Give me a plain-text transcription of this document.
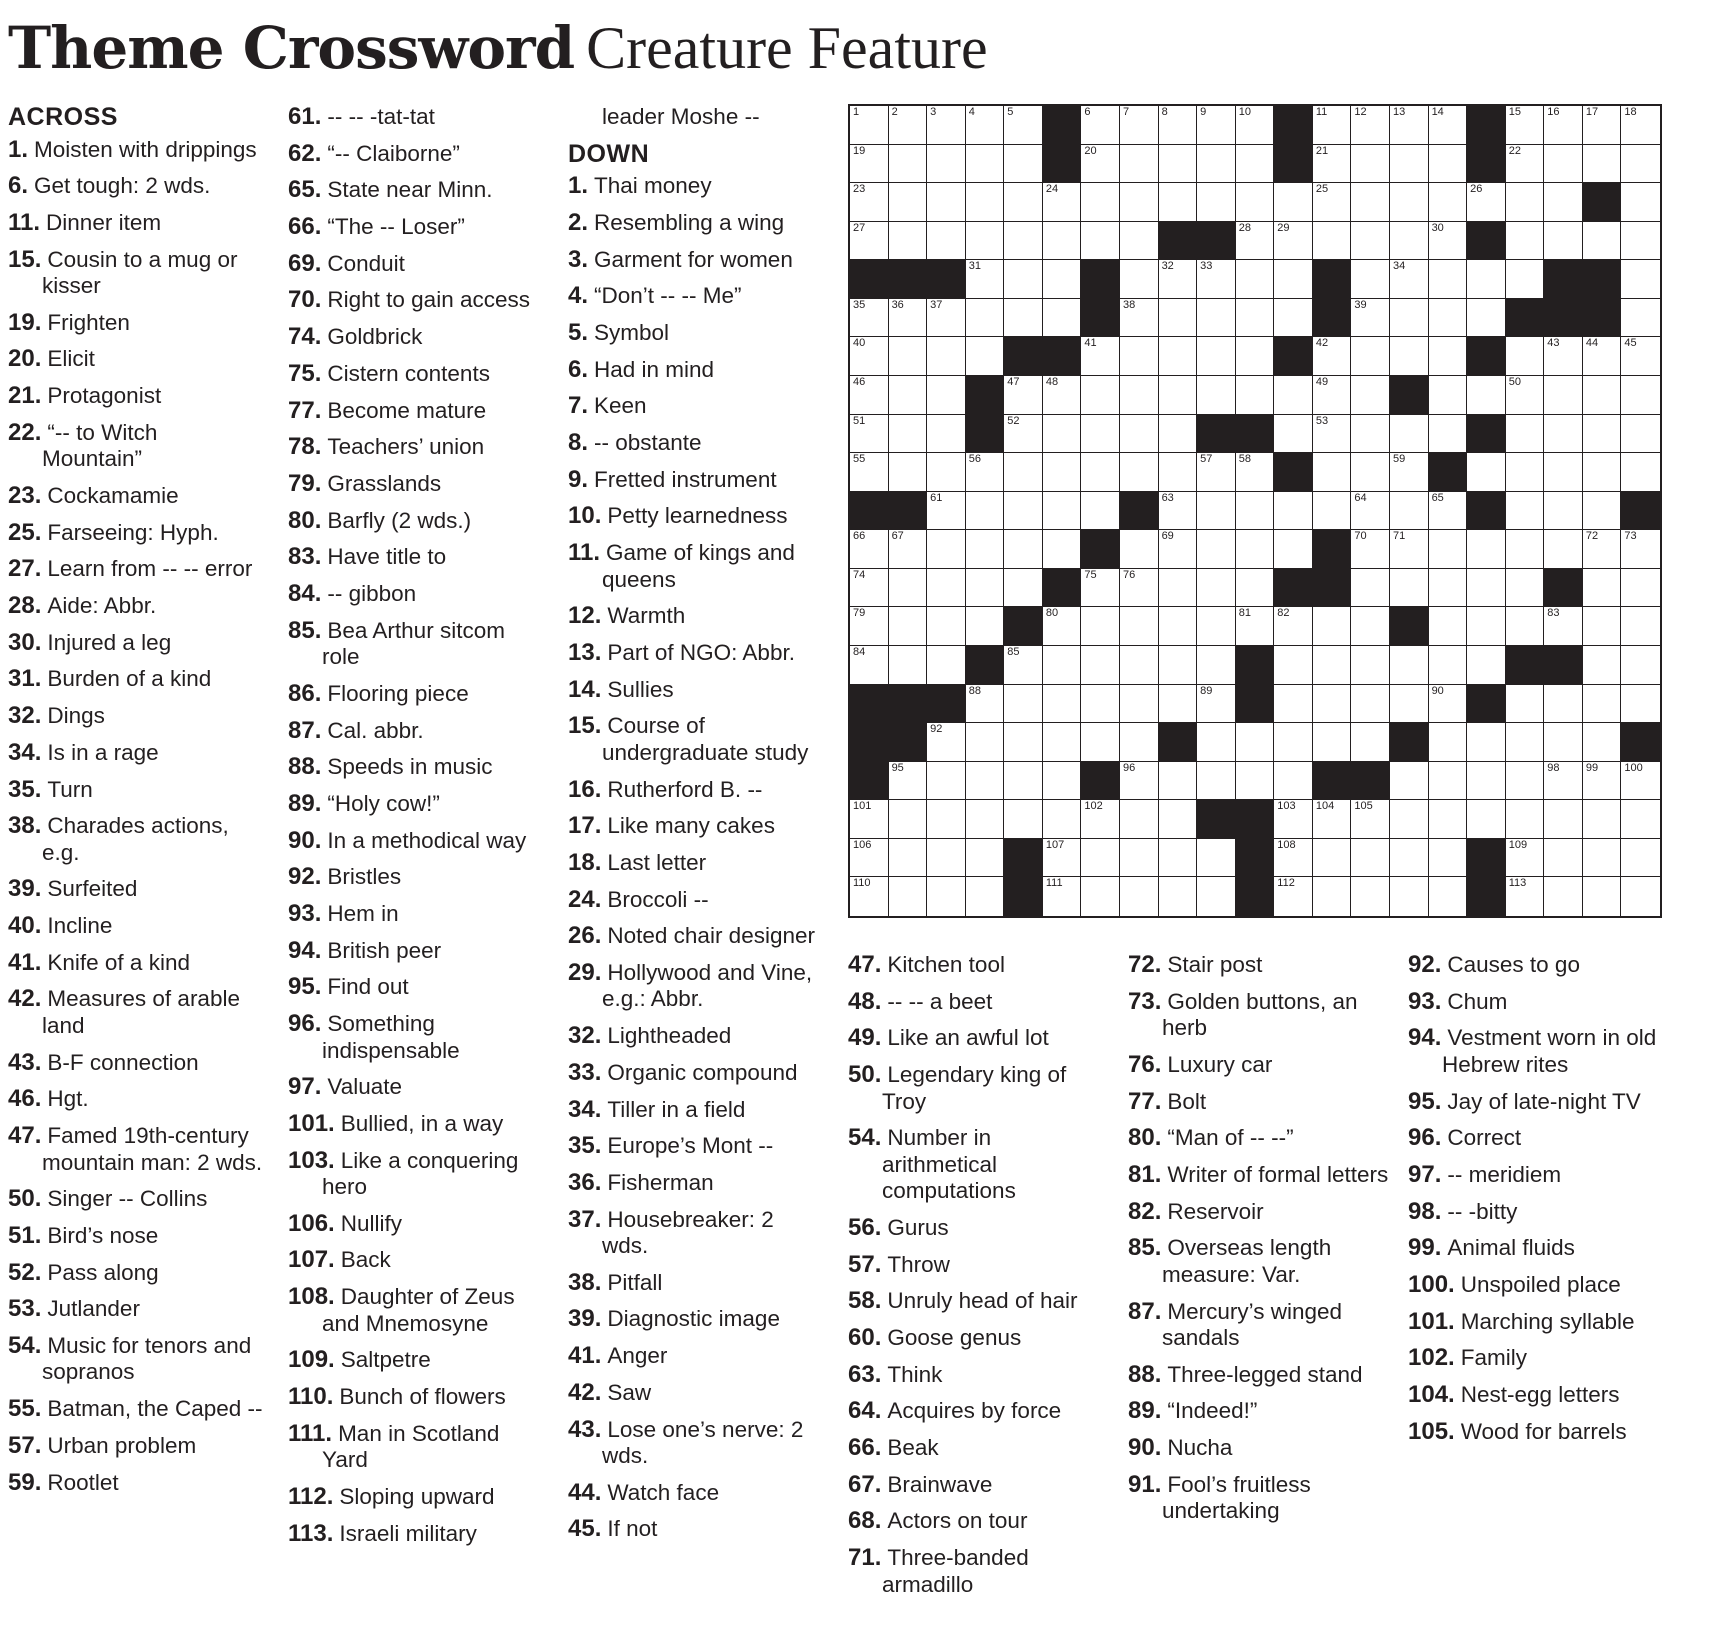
Theme Crossword Creature Feature
ACROSS
1. Moisten with drippings
6. Get tough: 2 wds.
11. Dinner item
15. Cousin to a mug or kisser
19. Frighten
20. Elicit
21. Protagonist
22. “-- to Witch Mountain”
23. Cockamamie
25. Farseeing: Hyph.
27. Learn from -- -- error
28. Aide: Abbr.
30. Injured a leg
31. Burden of a kind
32. Dings
34. Is in a rage
35. Turn
38. Charades actions, e.g.
39. Surfeited
40. Incline
41. Knife of a kind
42. Measures of arable land
43. B-F connection
46. Hgt.
47. Famed 19th-century mountain man: 2 wds.
50. Singer -- Collins
51. Bird’s nose
52. Pass along
53. Jutlander
54. Music for tenors and sopranos
55. Batman, the Caped --
57. Urban problem
59. Rootlet
61. -- -- -tat-tat
62. “-- Claiborne”
65. State near Minn.
66. “The -- Loser”
69. Conduit
70. Right to gain access
74. Goldbrick
75. Cistern contents
77. Become mature
78. Teachers’ union
79. Grasslands
80. Barfly (2 wds.)
83. Have title to
84. -- gibbon
85. Bea Arthur sitcom role
86. Flooring piece
87. Cal. abbr.
88. Speeds in music
89. “Holy cow!”
90. In a methodical way
92. Bristles
93. Hem in
94. British peer
95. Find out
96. Something indispensable
97. Valuate
101. Bullied, in a way
103. Like a conquering hero
106. Nullify
107. Back
108. Daughter of Zeus and Mnemosyne
109. Saltpetre
110. Bunch of flowers
111. Man in Scotland Yard
112. Sloping upward
113. Israeli military
leader Moshe --
DOWN
1. Thai money
2. Resembling a wing
3. Garment for women
4. “Don’t -- -- Me”
5. Symbol
6. Had in mind
7. Keen
8. -- obstante
9. Fretted instrument
10. Petty learnedness
11. Game of kings and queens
12. Warmth
13. Part of NGO: Abbr.
14. Sullies
15. Course of undergraduate study
16. Rutherford B. --
17. Like many cakes
18. Last letter
24. Broccoli --
26. Noted chair designer
29. Hollywood and Vine, e.g.: Abbr.
32. Lightheaded
33. Organic compound
34. Tiller in a field
35. Europe’s Mont --
36. Fisherman
37. Housebreaker: 2 wds.
38. Pitfall
39. Diagnostic image
41. Anger
42. Saw
43. Lose one’s nerve: 2 wds.
44. Watch face
45. If not
47. Kitchen tool
48. -- -- a beet
49. Like an awful lot
50. Legendary king of Troy
54. Number in arithmetical computations
56. Gurus
57. Throw
58. Unruly head of hair
60. Goose genus
63. Think
64. Acquires by force
66. Beak
67. Brainwave
68. Actors on tour
71. Three-banded armadillo
72. Stair post
73. Golden buttons, an herb
76. Luxury car
77. Bolt
80. “Man of -- --”
81. Writer of formal letters
82. Reservoir
85. Overseas length measure: Var.
87. Mercury’s winged sandals
88. Three-legged stand
89. “Indeed!”
90. Nucha
91. Fool’s fruitless undertaking
92. Causes to go
93. Chum
94. Vestment worn in old Hebrew rites
95. Jay of late-night TV
96. Correct
97. -- meridiem
98. -- -bitty
99. Animal fluids
100. Unspoiled place
101. Marching syllable
102. Family
104. Nest-egg letters
105. Wood for barrels
1	2	3	4	5	6	7	8	9	10	11 12 13 14	15 16 17 18
19	20	21	22
23	24	25	26
27	28 29	30
31	32 33	34
35 36 37	38	39
40	41	42	43 44 45
46	47 48	49	50
51	52	53
55	56	57 58	59
61	63	64	65
66 67	69	70 71	72 73
74	75 76
79	80	81 82	83
84	85
88	89	90
92
95	96	98 99 100
101	102	103 104 105
106	107	108	109
110	111	112	113
